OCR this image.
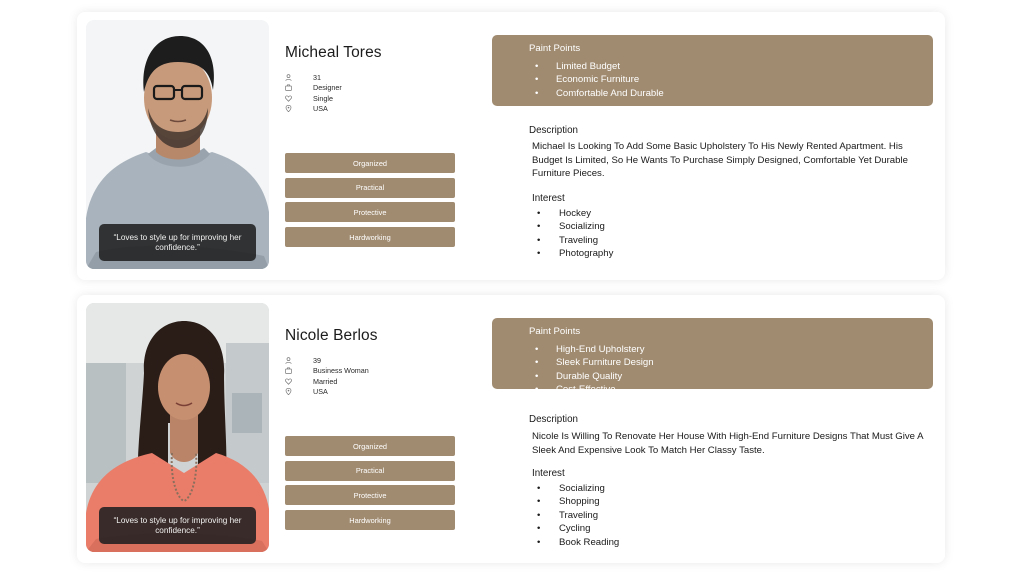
“Loves to style up for improving her confidence.”
Micheal Tores
31
Designer
Single
USA
Organized
Practical
Protective
Hardworking
Paint Points
• Limited Budget
• Economic Furniture
• Comfortable And Durable
Description
Michael Is Looking To Add Some Basic Upholstery To His Newly Rented Apartment. His Budget Is Limited, So He Wants To Purchase Simply Designed, Comfortable Yet Durable Furniture Pieces.
Interest
• Hockey
• Socializing
• Traveling
• Photography
“Loves to style up for improving her confidence.”
Nicole Berlos
39
Business Woman
Married
USA
Organized
Practical
Protective
Hardworking
Paint Points
• High-End Upholstery
• Sleek Furniture Design
• Durable Quality
• Cost-Effective
Description
Nicole Is Willing To Renovate Her House With High-End Furniture Designs That Must Give A Sleek And Expensive Look To Match Her Classy Taste.
Interest
• Socializing
• Shopping
• Traveling
• Cycling
• Book Reading
